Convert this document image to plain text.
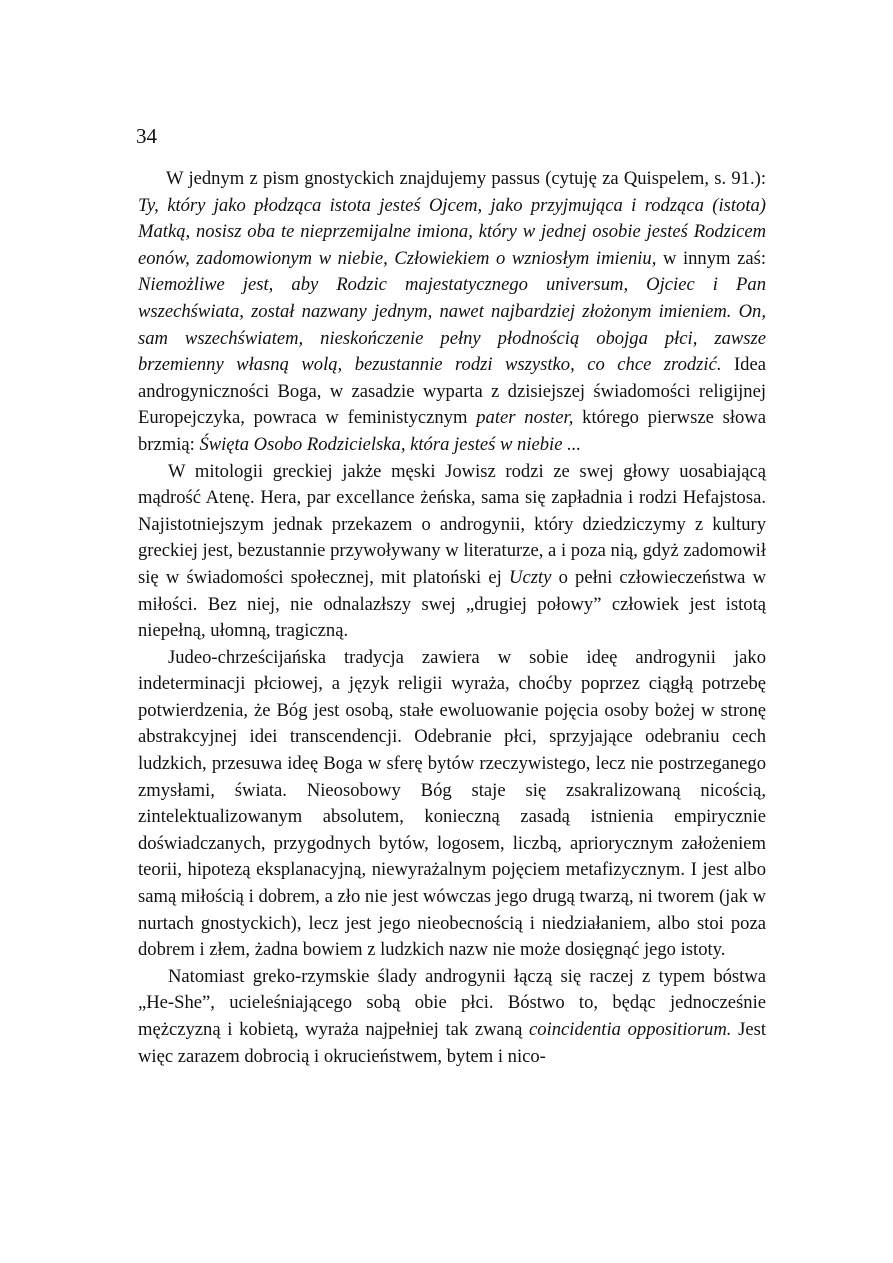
34

W jednym z pism gnostyckich znajdujemy passus (cytuję za Quispelem, s. 91.): Ty, który jako płodząca istota jesteś Ojcem, jako przyjmująca i rodząca (istota) Matką, nosisz oba te nieprzemijalne imiona, który w jednej osobie jesteś Rodzicem eonów, zadomowionym w niebie, Człowiekiem o wzniosłym imieniu, w innym zaś: Niemożliwe jest, aby Rodzic majestatycznego universum, Ojciec i Pan wszechświata, został nazwany jednym, nawet najbardziej złożonym imieniem. On, sam wszechświatem, nieskończenie pełny płodnością obojga płci, zawsze brzemienny własną wolą, bezustannie rodzi wszystko, co chce zrodzić. Idea androgyniczności Boga, w zasadzie wyparta z dzisiejszej świadomości religijnej Europejczyka, powraca w feministycznym pater noster, którego pierwsze słowa brzmią: Święta Osobo Rodzicielska, która jesteś w niebie ...

W mitologii greckiej jakże męski Jowisz rodzi ze swej głowy uosabiającą mądrość Atenę. Hera, par excellance żeńska, sama się zapładnia i rodzi Hefajstosa. Najistotniejszym jednak przekazem o androgynii, który dziedziczymy z kultury greckiej jest, bezustannie przywoływany w literaturze, a i poza nią, gdyż zadomowił się w świadomości społecznej, mit platoński ej Uczty o pełni człowieczeństwa w miłości. Bez niej, nie odnalazłszy swej „drugiej połowy” człowiek jest istotą niepełną, ułomną, tragiczną.

Judeo-chrześcijańska tradycja zawiera w sobie ideę androgynii jako indeterminacji płciowej, a język religii wyraża, choćby poprzez ciągłą potrzebę potwierdzenia, że Bóg jest osobą, stałe ewoluowanie pojęcia osoby bożej w stronę abstrakcyjnej idei transcendencji. Odebranie płci, sprzyjające odebraniu cech ludzkich, przesuwa ideę Boga w sferę bytów rzeczywistego, lecz nie postrzeganego zmysłami, świata. Nieosobowy Bóg staje się zsakralizowaną nicością, zintelektualizowanym absolutem, konieczną zasadą istnienia empirycznie doświadczanych, przygodnych bytów, logosem, liczbą, apriorycznym założeniem teorii, hipotezą eksplanacyjną, niewyrażalnym pojęciem metafizycznym. I jest albo samą miłością i dobrem, a zło nie jest wówczas jego drugą twarzą, ni tworem (jak w nurtach gnostyckich), lecz jest jego nieobecnością i niedziałaniem, albo stoi poza dobrem i złem, żadna bowiem z ludzkich nazw nie może dosięgnąć jego istoty.

Natomiast greko-rzymskie ślady androgynii łączą się raczej z typem bóstwa „He-She”, ucieleśniającego sobą obie płci. Bóstwo to, będąc jednocześnie mężczyzną i kobietą, wyraża najpełniej tak zwaną coincidentia oppositiorum. Jest więc zarazem dobrocią i okrucieństwem, bytem i nico-
